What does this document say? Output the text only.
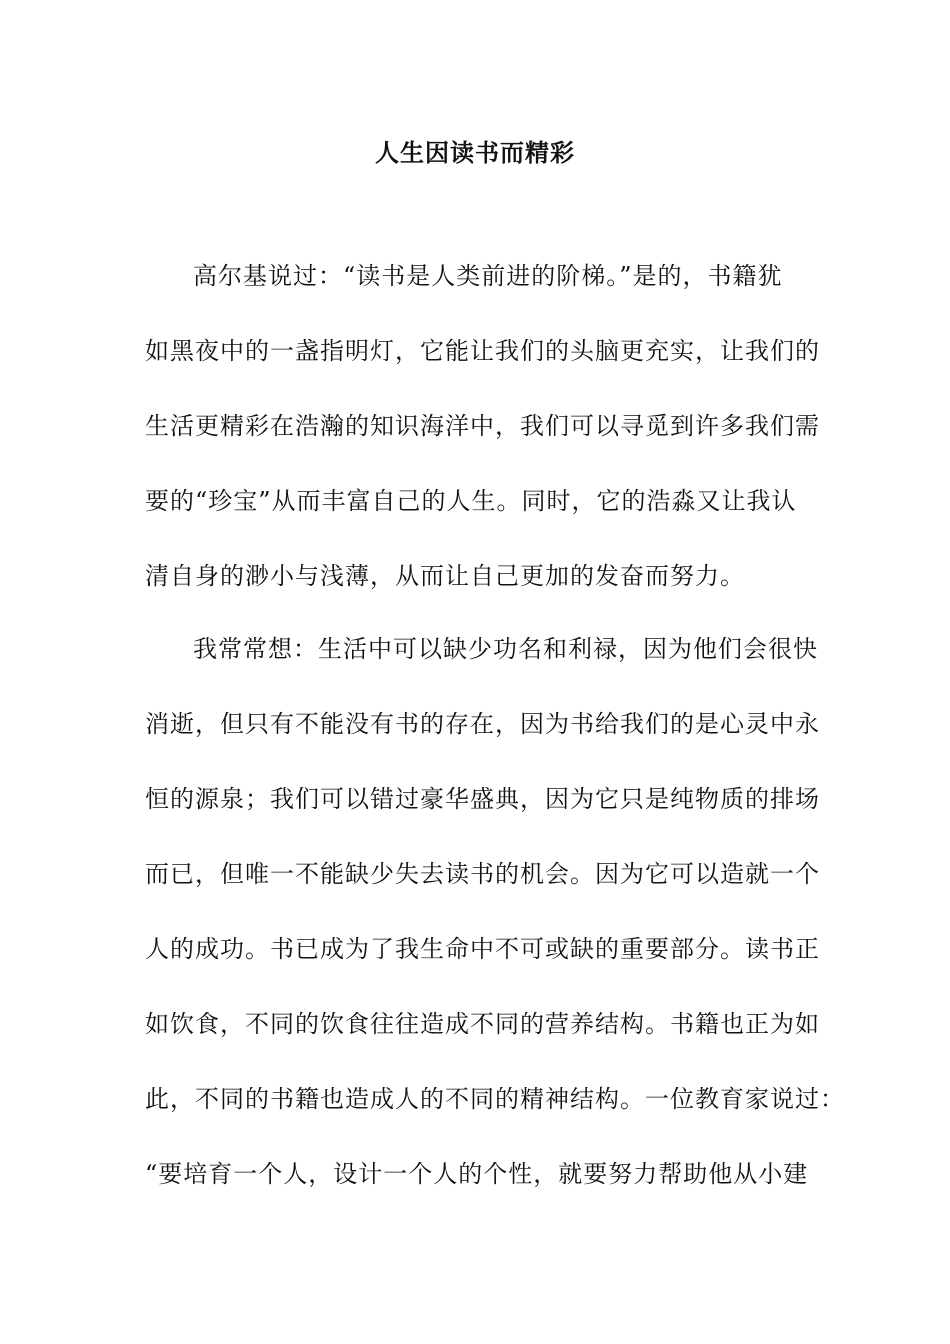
人生因读书而精彩
高尔基说过：“读书是人类前进的阶梯。”是的，书籍犹
如黑夜中的一盏指明灯，它能让我们的头脑更充实，让我们的
生活更精彩在浩瀚的知识海洋中，我们可以寻觅到许多我们需
要的“珍宝”从而丰富自己的人生。同时，它的浩淼又让我认
清自身的渺小与浅薄，从而让自己更加的发奋而努力。
我常常想：生活中可以缺少功名和利禄，因为他们会很快
消逝，但只有不能没有书的存在，因为书给我们的是心灵中永
恒的源泉；我们可以错过豪华盛典，因为它只是纯物质的排场
而已，但唯一不能缺少失去读书的机会。因为它可以造就一个
人的成功。书已成为了我生命中不可或缺的重要部分。读书正
如饮食，不同的饮食往往造成不同的营养结构。书籍也正为如
此，不同的书籍也造成人的不同的精神结构。一位教育家说过：
“要培育一个人，设计一个人的个性，就要努力帮助他从小建
